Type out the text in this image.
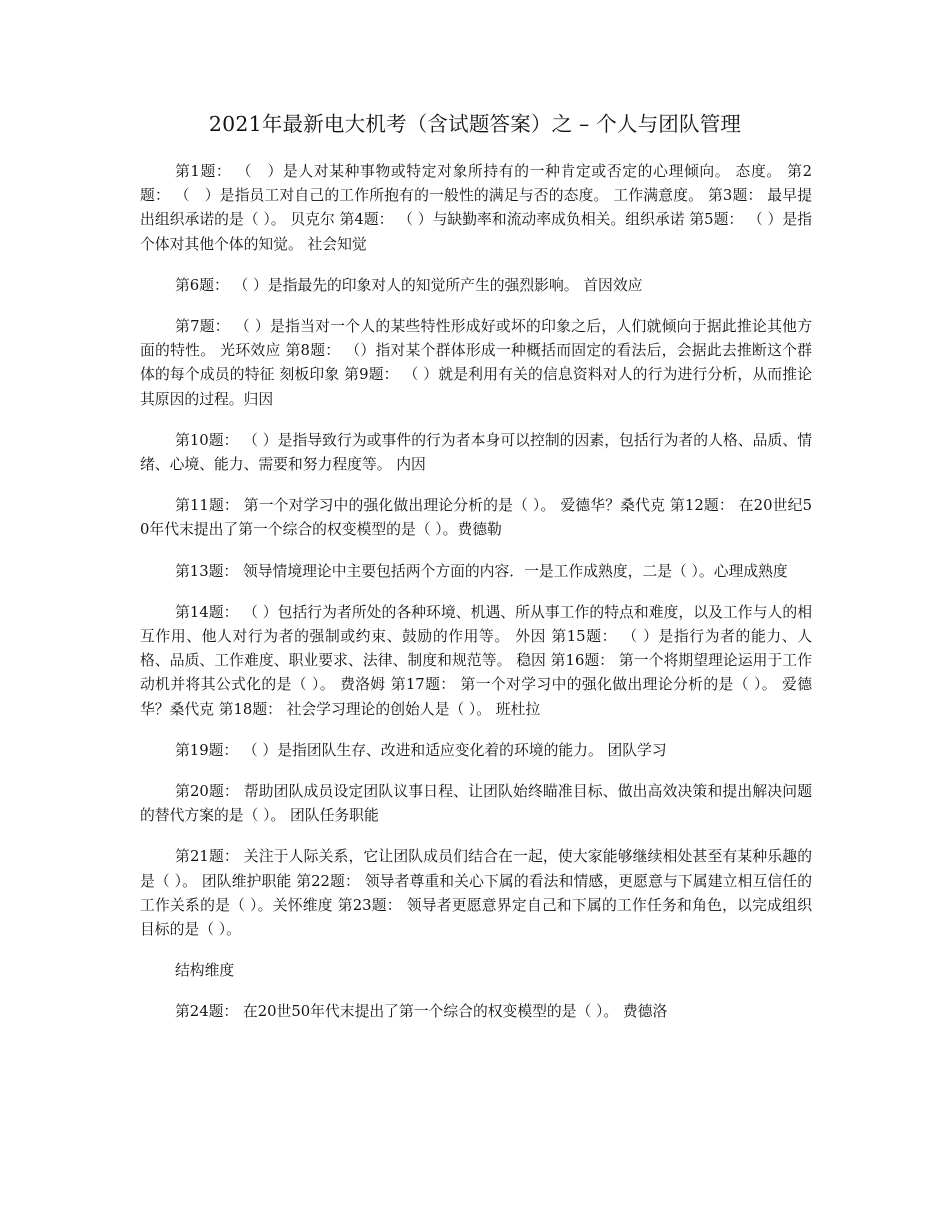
2021年最新电大机考（含试题答案）之 – 个人与团队管理

第1题： （　）是人对某种事物或特定对象所持有的一种肯定或否定的心理倾向。 态度。 第2题： （　）是指员工对自己的工作所抱有的一般性的满足与否的态度。 工作满意度。 第3题： 最早提出组织承诺的是（ ）。 贝克尔 第4题： （ ）与缺勤率和流动率成负相关。组织承诺 第5题： （ ）是指个体对其他个体的知觉。 社会知觉

第6题： （ ）是指最先的印象对人的知觉所产生的强烈影响。 首因效应

第7题： （ ）是指当对一个人的某些特性形成好或坏的印象之后，人们就倾向于据此推论其他方面的特性。 光环效应 第8题： （）指对某个群体形成一种概括而固定的看法后，会据此去推断这个群体的每个成员的特征 刻板印象 第9题： （ ）就是利用有关的信息资料对人的行为进行分析，从而推论其原因的过程。归因

第10题： （ ）是指导致行为或事件的行为者本身可以控制的因素，包括行为者的人格、品质、情绪、心境、能力、需要和努力程度等。 内因

第11题： 第一个对学习中的强化做出理论分析的是（ ）。 爱德华？桑代克 第12题： 在20世纪50年代末提出了第一个综合的权变模型的是（ ）。费德勒

第13题： 领导情境理论中主要包括两个方面的内容．一是工作成熟度，二是（ ）。心理成熟度

第14题： （ ）包括行为者所处的各种环境、机遇、所从事工作的特点和难度，以及工作与人的相互作用、他人对行为者的强制或约束、鼓励的作用等。 外因 第15题： （ ）是指行为者的能力、人格、品质、工作难度、职业要求、法律、制度和规范等。 稳因 第16题： 第一个将期望理论运用于工作动机并将其公式化的是（ ）。 费洛姆 第17题： 第一个对学习中的强化做出理论分析的是（ ）。 爱德华？桑代克 第18题： 社会学习理论的创始人是（ ）。 班杜拉

第19题： （ ）是指团队生存、改进和适应变化着的环境的能力。 团队学习

第20题： 帮助团队成员设定团队议事日程、让团队始终瞄准目标、做出高效决策和提出解决问题的替代方案的是（ ）。 团队任务职能

第21题： 关注于人际关系，它让团队成员们结合在一起，使大家能够继续相处甚至有某种乐趣的是（ ）。 团队维护职能 第22题： 领导者尊重和关心下属的看法和情感，更愿意与下属建立相互信任的工作关系的是（ ）。关怀维度 第23题： 领导者更愿意界定自己和下属的工作任务和角色，以完成组织目标的是（ ）。

结构维度

第24题： 在20世50年代末提出了第一个综合的权变模型的是（ ）。 费德洛
